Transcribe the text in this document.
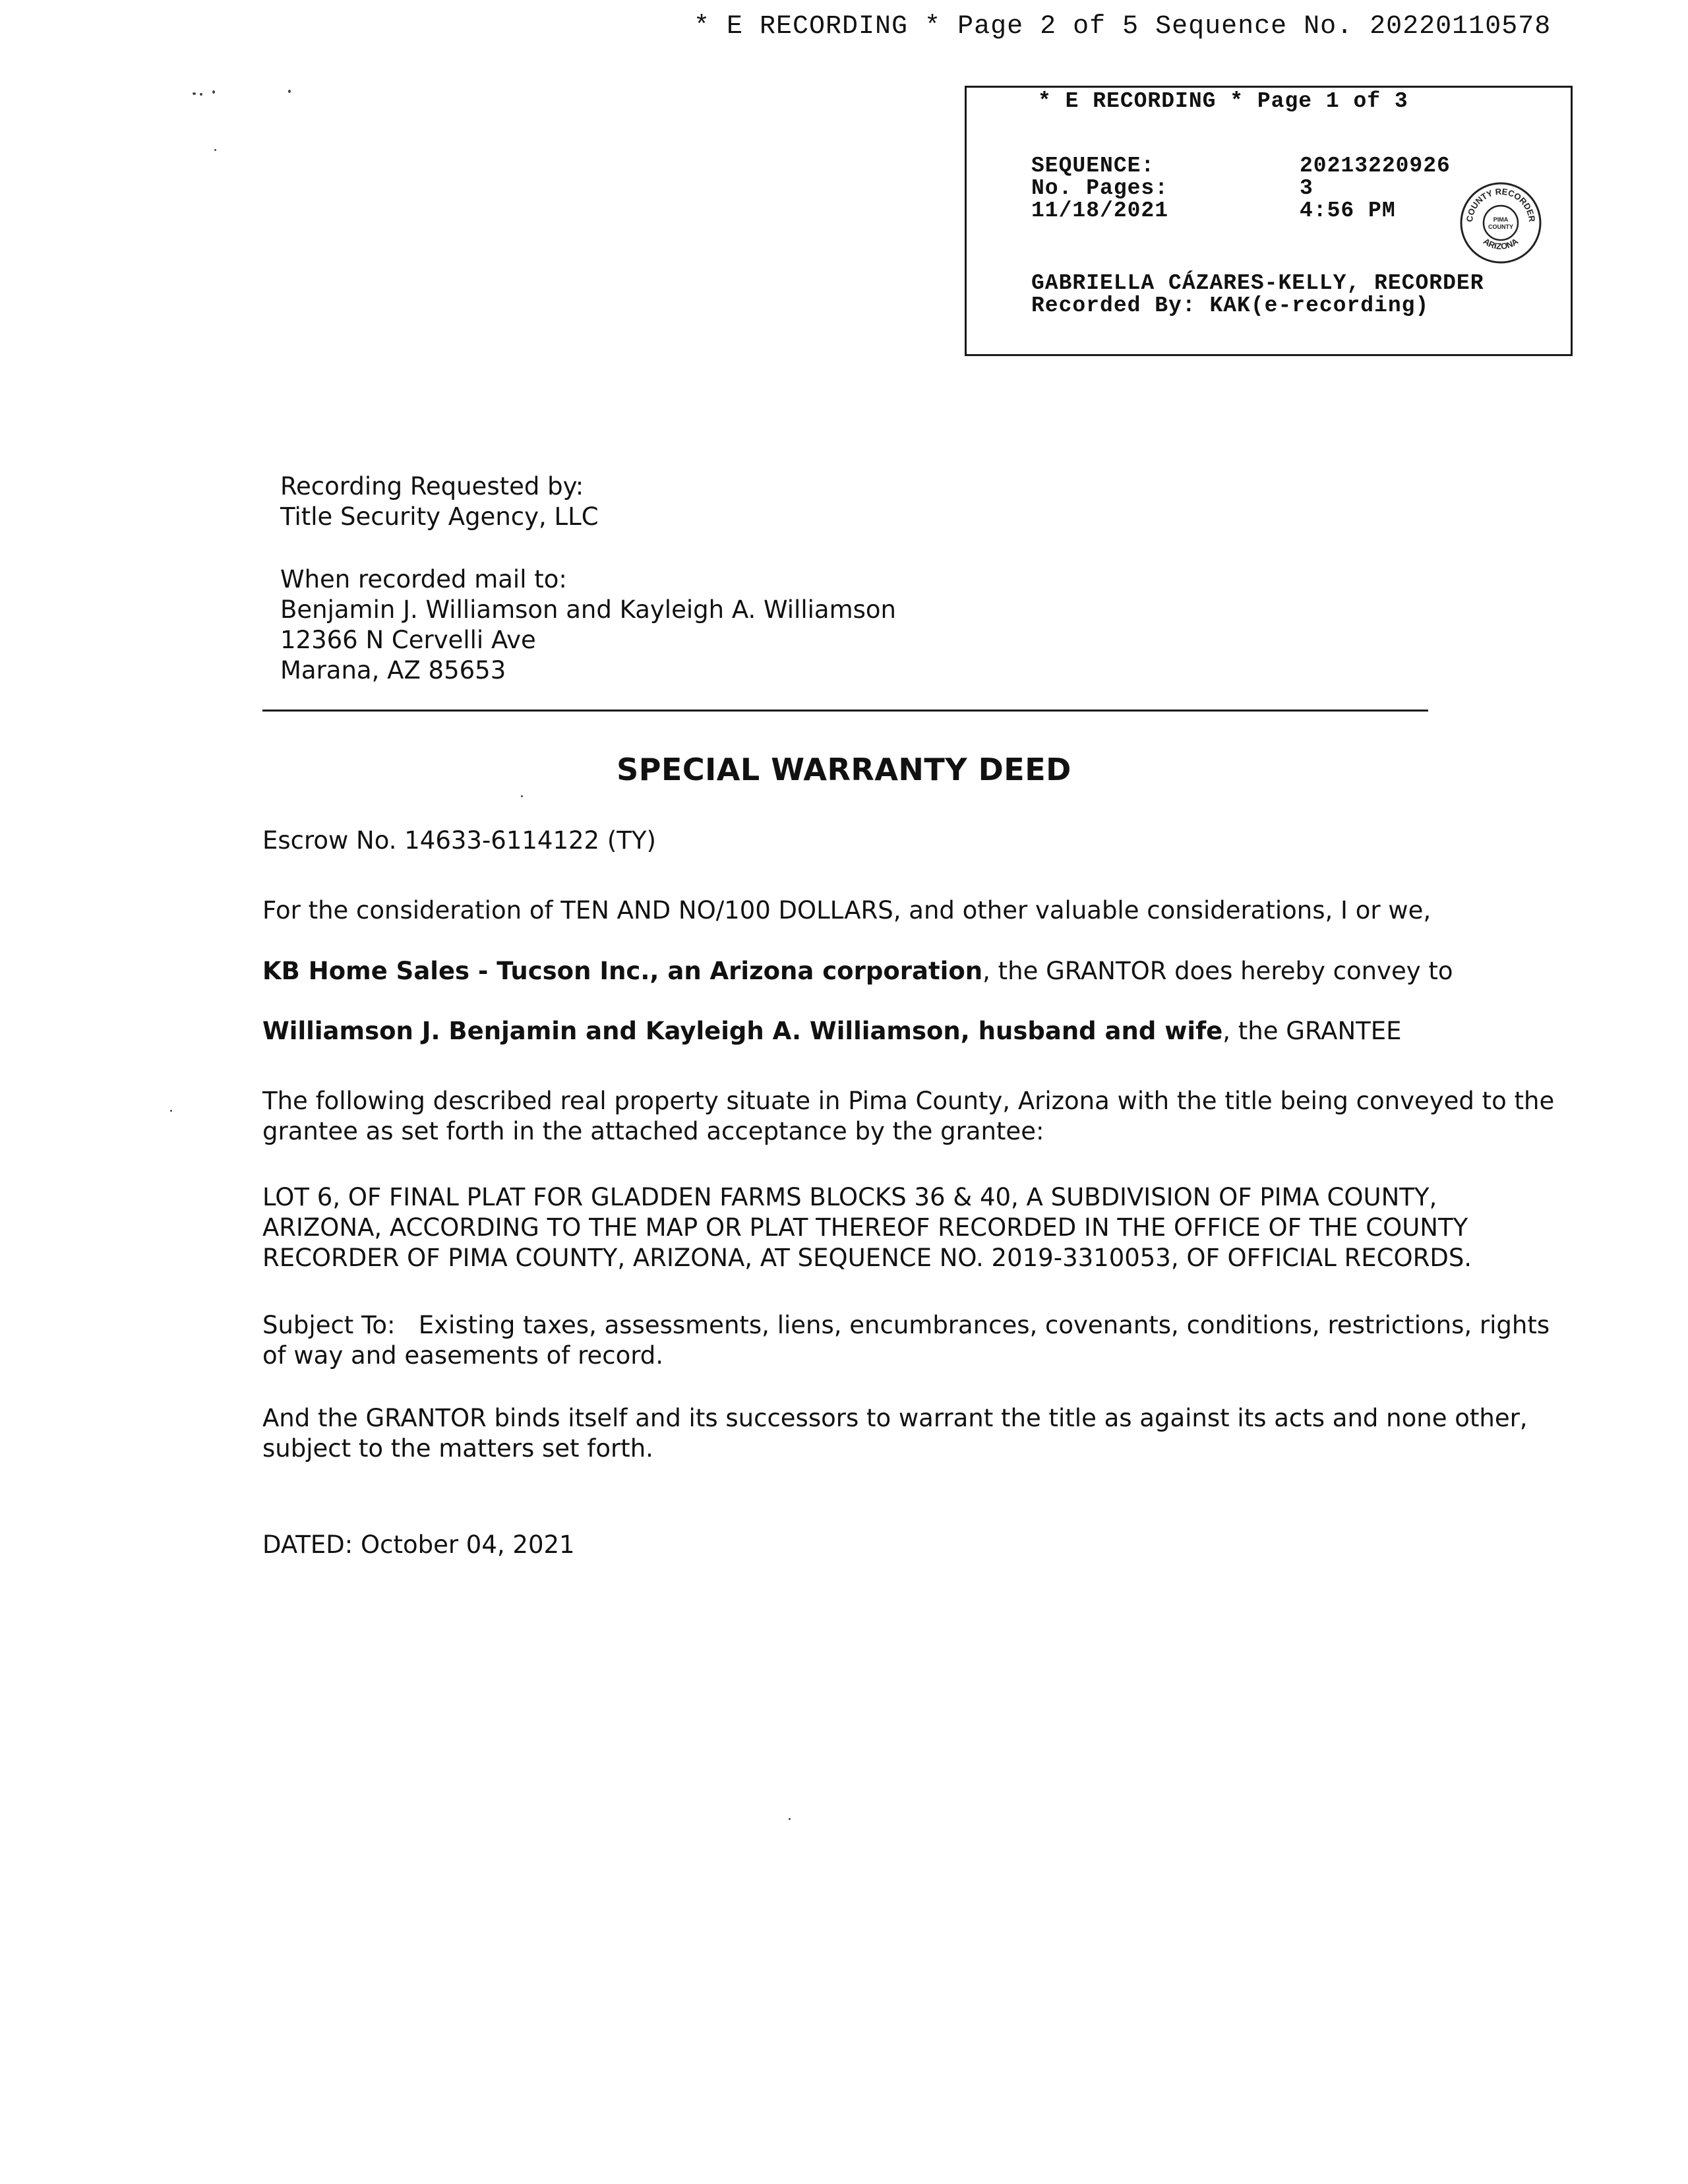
* E RECORDING * Page 2 of 5 Sequence No. 20220110578
* E RECORDING * Page 1 of 3
SEQUENCE:	20213220926
No. Pages:	3
11/18/2021	4:56 PM
GABRIELLA CÁZARES-KELLY, RECORDER
Recorded By: KAK(e-recording)
COUNTY RECORDER
ARIZONA
PIMA
COUNTY
Recording Requested by:
Title Security Agency, LLC
When recorded mail to:
Benjamin J. Williamson and Kayleigh A. Williamson
12366 N Cervelli Ave
Marana, AZ 85653
SPECIAL WARRANTY DEED
Escrow No. 14633-6114122 (TY)
For the consideration of TEN AND NO/100 DOLLARS, and other valuable considerations, I or we,
KB Home Sales - Tucson Inc., an Arizona corporation, the GRANTOR does hereby convey to
Williamson J. Benjamin and Kayleigh A. Williamson, husband and wife, the GRANTEE
The following described real property situate in Pima County, Arizona with the title being conveyed to the
grantee as set forth in the attached acceptance by the grantee:
LOT 6, OF FINAL PLAT FOR GLADDEN FARMS BLOCKS 36 & 40, A SUBDIVISION OF PIMA COUNTY,
ARIZONA, ACCORDING TO THE MAP OR PLAT THEREOF RECORDED IN THE OFFICE OF THE COUNTY
RECORDER OF PIMA COUNTY, ARIZONA, AT SEQUENCE NO. 2019-3310053, OF OFFICIAL RECORDS.
Subject To:   Existing taxes, assessments, liens, encumbrances, covenants, conditions, restrictions, rights
of way and easements of record.
And the GRANTOR binds itself and its successors to warrant the title as against its acts and none other,
subject to the matters set forth.
DATED: October 04, 2021
